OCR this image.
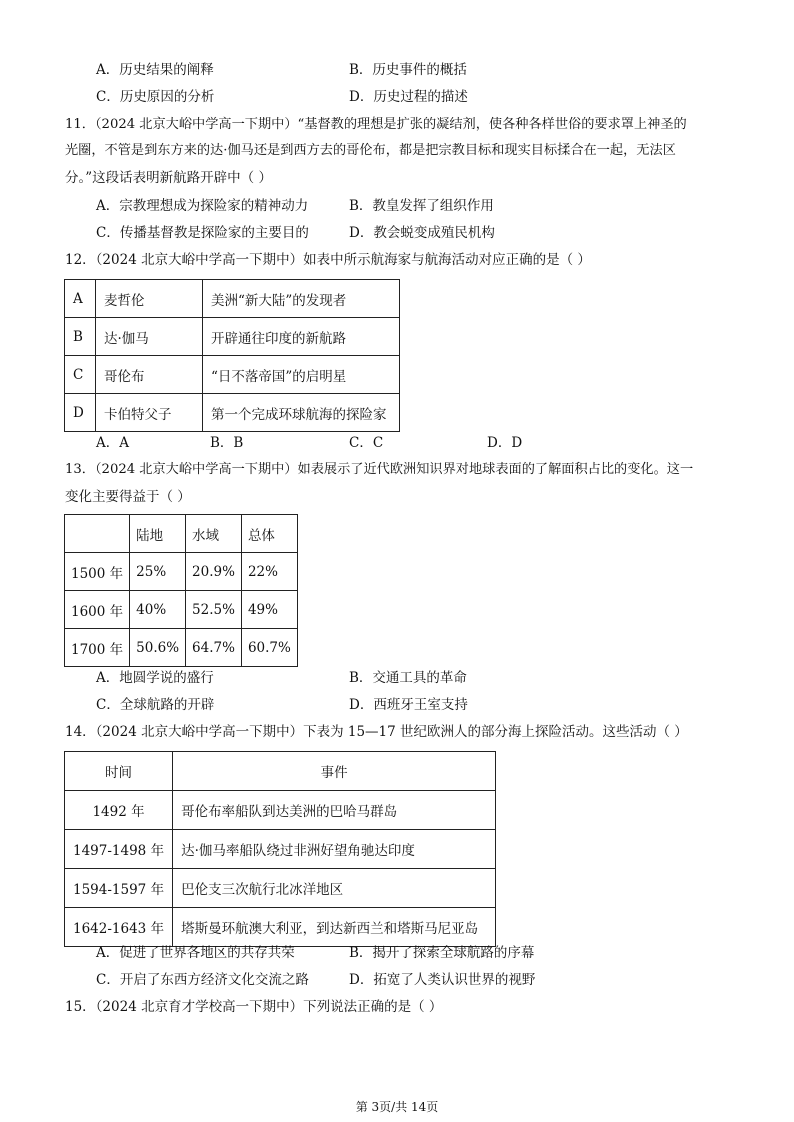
A．历史结果的阐释	B．历史事件的概括
C．历史原因的分析	D．历史过程的描述
11．（2024 北京大峪中学高一下期中）“基督教的理想是扩张的凝结剂，使各种各样世俗的要求罩上神圣的
光圈，不管是到东方来的达·伽马还是到西方去的哥伦布，都是把宗教目标和现实目标揉合在一起，无法区
分。”这段话表明新航路开辟中（ ）
A．宗教理想成为探险家的精神动力	B．教皇发挥了组织作用
C．传播基督教是探险家的主要目的	D．教会蜕变成殖民机构
12．（2024 北京大峪中学高一下期中）如表中所示航海家与航海活动对应正确的是（ ）
A	麦哲伦	美洲“新大陆”的发现者
B	达·伽马	开辟通往印度的新航路
C	哥伦布	“日不落帝国”的启明星
D	卡伯特父子	第一个完成环球航海的探险家
A．A	B．B	C．C	D．D
13．（2024 北京大峪中学高一下期中）如表展示了近代欧洲知识界对地球表面的了解面积占比的变化。这一
变化主要得益于（ ）
	陆地	水域	总体
1500 年	25%	20.9%	22%
1600 年	40%	52.5%	49%
1700 年	50.6%	64.7%	60.7%
A．地圆学说的盛行	B．交通工具的革命
C．全球航路的开辟	D．西班牙王室支持
14．（2024 北京大峪中学高一下期中）下表为 15—17 世纪欧洲人的部分海上探险活动。这些活动（ ）
时间	事件
1492 年	哥伦布率船队到达美洲的巴哈马群岛
1497-1498 年	达·伽马率船队绕过非洲好望角驰达印度
1594-1597 年	巴伦支三次航行北冰洋地区
1642-1643 年	塔斯曼环航澳大利亚，到达新西兰和塔斯马尼亚岛
A．促进了世界各地区的共存共荣	B．揭开了探索全球航路的序幕
C．开启了东西方经济文化交流之路	D．拓宽了人类认识世界的视野
15．（2024 北京育才学校高一下期中）下列说法正确的是（ ）
第 3页/共 14页
